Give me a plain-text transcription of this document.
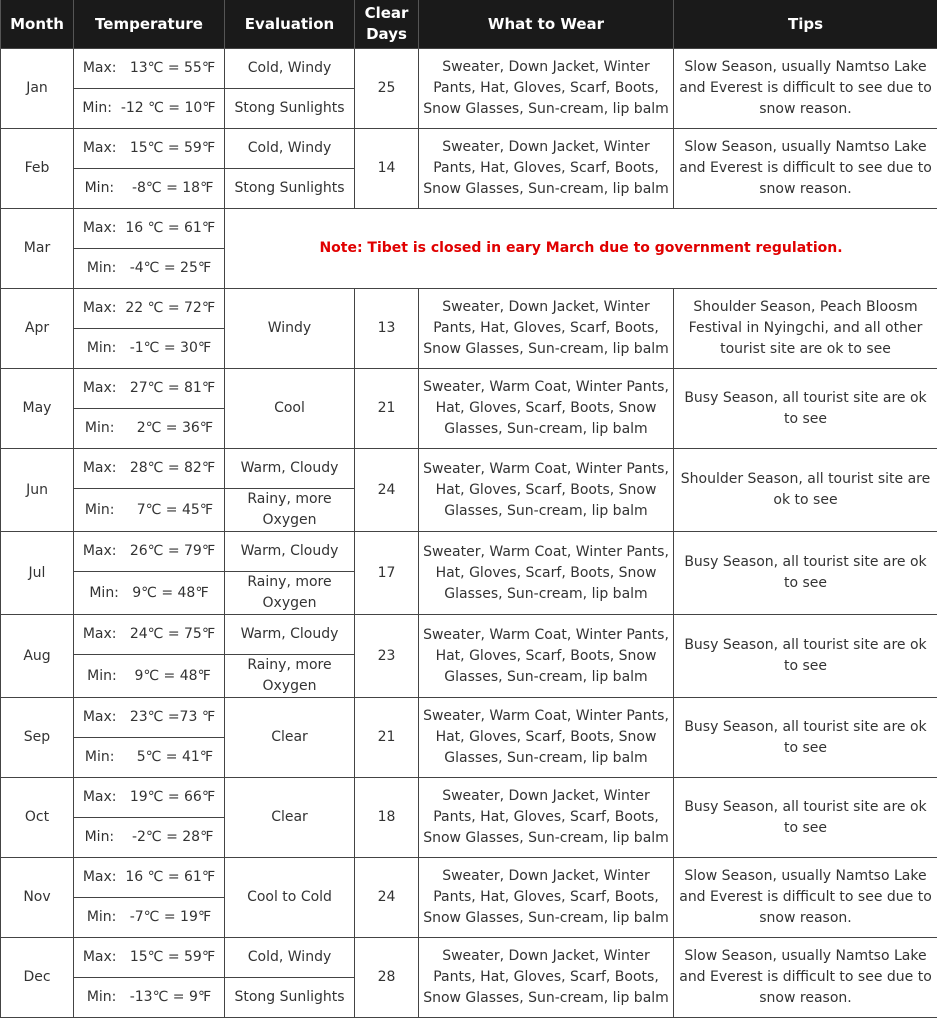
Month	Temperature	Evaluation	Clear Days	What to Wear	Tips
Jan	Max:   13℃ = 55℉	Cold, Windy	25	Sweater, Down Jacket, Winter Pants, Hat, Gloves, Scarf, Boots, Snow Glasses, Sun-cream, lip balm	Slow Season, usually Namtso Lake and Everest is difficult to see due to snow reason.
	Min:  -12 ℃ = 10℉	Stong Sunlights			
Feb	Max:   15℃ = 59℉	Cold, Windy	14	Sweater, Down Jacket, Winter Pants, Hat, Gloves, Scarf, Boots, Snow Glasses, Sun-cream, lip balm	Slow Season, usually Namtso Lake and Everest is difficult to see due to snow reason.
	Min:    -8℃ = 18℉	Stong Sunlights			
Mar	Max:  16 ℃ = 61℉	Note: Tibet is closed in eary March due to government regulation.			
	Min:   -4℃ = 25℉				
Apr	Max:  22 ℃ = 72℉	Windy	13	Sweater, Down Jacket, Winter Pants, Hat, Gloves, Scarf, Boots, Snow Glasses, Sun-cream, lip balm	Shoulder Season, Peach Bloosm Festival in Nyingchi, and all other tourist site are ok to see
	Min:   -1℃ = 30℉				
May	Max:   27℃ = 81℉	Cool	21	Sweater, Warm Coat, Winter Pants, Hat, Gloves, Scarf, Boots, Snow Glasses, Sun-cream, lip balm	Busy Season, all tourist site are ok to see
	Min:     2℃ = 36℉				
Jun	Max:   28℃ = 82℉	Warm, Cloudy	24	Sweater, Warm Coat, Winter Pants, Hat, Gloves, Scarf, Boots, Snow Glasses, Sun-cream, lip balm	Shoulder Season, all tourist site are ok to see
	Min:     7℃ = 45℉	Rainy, more Oxygen			
Jul	Max:   26℃ = 79℉	Warm, Cloudy	17	Sweater, Warm Coat, Winter Pants, Hat, Gloves, Scarf, Boots, Snow Glasses, Sun-cream, lip balm	Busy Season, all tourist site are ok to see
	Min:   9℃ = 48℉	Rainy, more Oxygen			
Aug	Max:   24℃ = 75℉	Warm, Cloudy	23	Sweater, Warm Coat, Winter Pants, Hat, Gloves, Scarf, Boots, Snow Glasses, Sun-cream, lip balm	Busy Season, all tourist site are ok to see
	Min:    9℃ = 48℉	Rainy, more Oxygen			
Sep	Max:   23℃ =73 ℉	Clear	21	Sweater, Warm Coat, Winter Pants, Hat, Gloves, Scarf, Boots, Snow Glasses, Sun-cream, lip balm	Busy Season, all tourist site are ok to see
	Min:     5℃ = 41℉				
Oct	Max:   19℃ = 66℉	Clear	18	Sweater, Down Jacket, Winter Pants, Hat, Gloves, Scarf, Boots, Snow Glasses, Sun-cream, lip balm	Busy Season, all tourist site are ok to see
	Min:    -2℃ = 28℉				
Nov	Max:  16 ℃ = 61℉	Cool to Cold	24	Sweater, Down Jacket, Winter Pants, Hat, Gloves, Scarf, Boots, Snow Glasses, Sun-cream, lip balm	Slow Season, usually Namtso Lake and Everest is difficult to see due to snow reason.
	Min:   -7℃ = 19℉				
Dec	Max:   15℃ = 59℉	Cold, Windy	28	Sweater, Down Jacket, Winter Pants, Hat, Gloves, Scarf, Boots, Snow Glasses, Sun-cream, lip balm	Slow Season, usually Namtso Lake and Everest is difficult to see due to snow reason.
	Min:   -13℃ = 9℉	Stong Sunlights			
